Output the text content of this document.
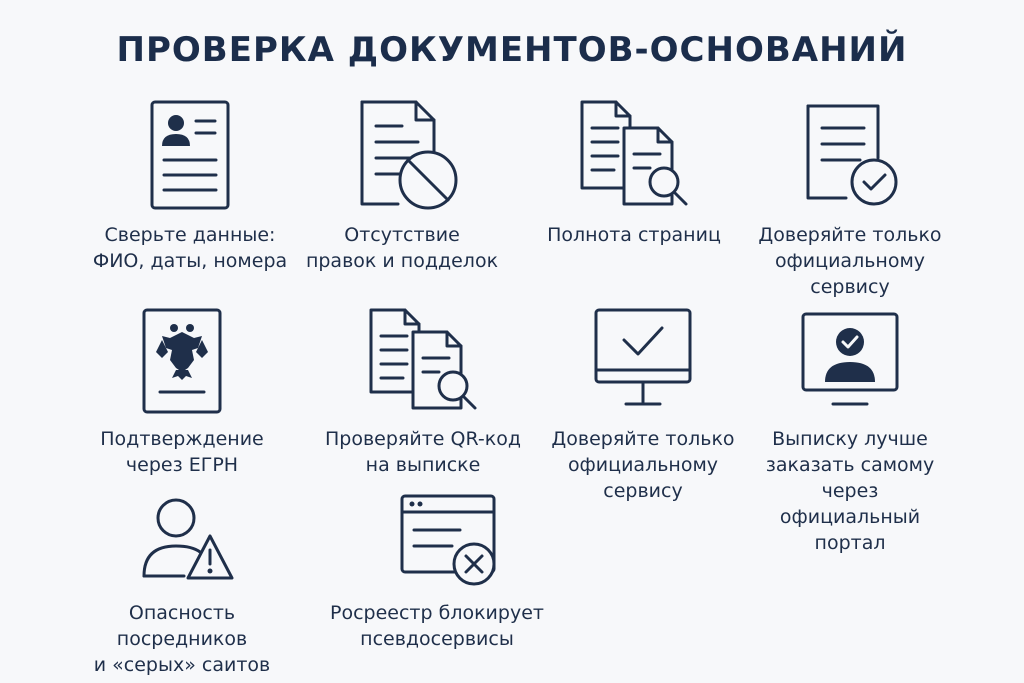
ПРОВЕРКА ДОКУМЕНТОВ-ОСНОВАНИЙ
Сверьте данные:
ФИО, даты, номера
Отсутствие
правок и подделок
Полнота страниц	Доверяйте только
официальному
сервису
Подтверждение
через ЕГРН
Проверяйте QR-код
на выписке
Доверяйте только
официальному
сервису
Выписку лучше
заказать самому
через
официальный
портал
Опасность
посредников
и «серых» саитов
Росреестр блокирует
псевдосервисы
